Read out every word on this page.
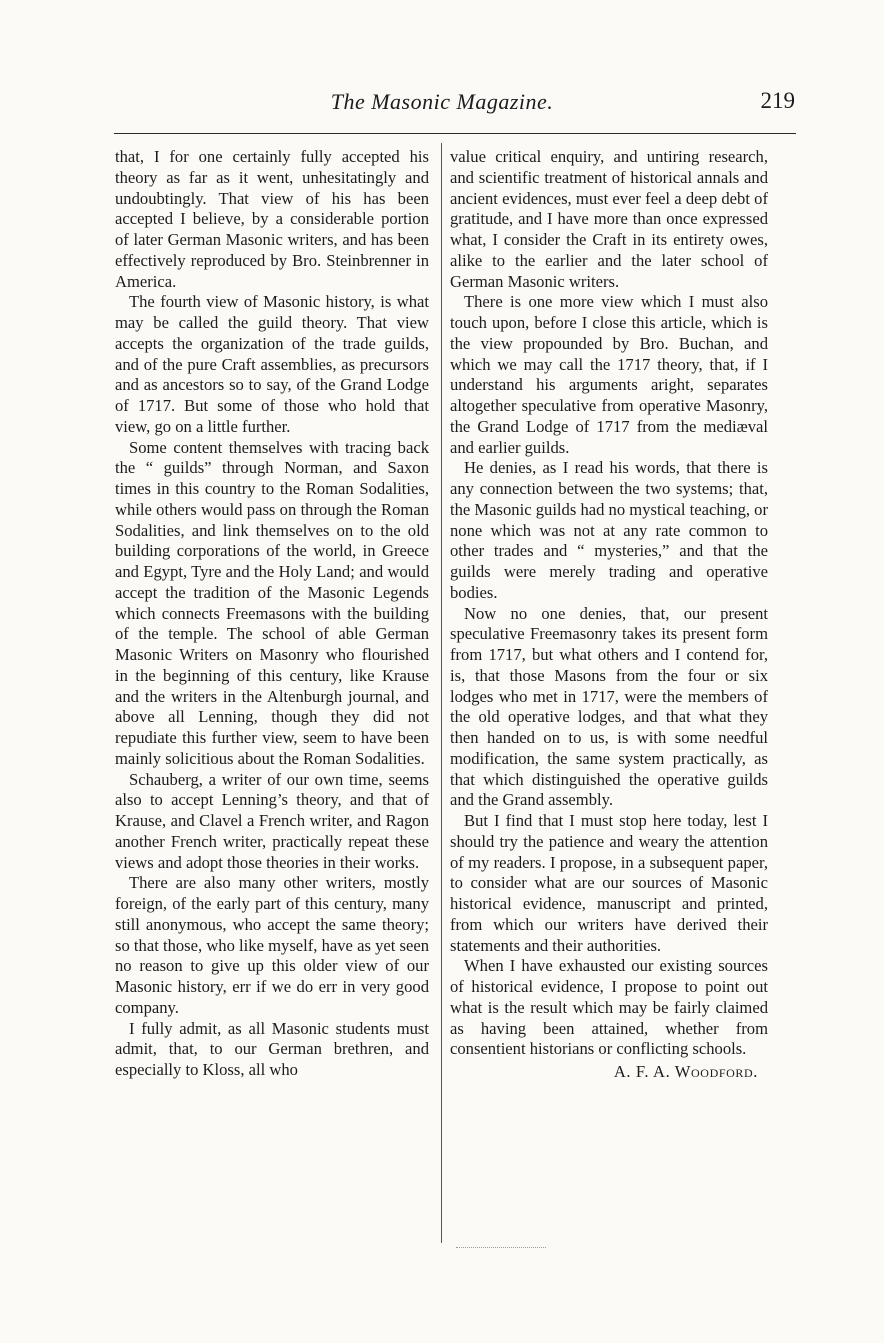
The Masonic Magazine.	219

that, I for one certainly fully accepted his theory as far as it went, unhesitatingly and undoubtingly. That view of his has been accepted I believe, by a considerable portion of later German Masonic writers, and has been effectively reproduced by Bro. Steinbrenner in America.

The fourth view of Masonic history, is what may be called the guild theory. That view accepts the organization of the trade guilds, and of the pure Craft assemblies, as precursors and as ancestors so to say, of the Grand Lodge of 1717. But some of those who hold that view, go on a little further.

Some content themselves with tracing back the “ guilds” through Norman, and Saxon times in this country to the Roman Sodalities, while others would pass on through the Roman Sodalities, and link themselves on to the old building corporations of the world, in Greece and Egypt, Tyre and the Holy Land; and would accept the tradition of the Masonic Legends which connects Freemasons with the building of the temple. The school of able German Masonic Writers on Masonry who flourished in the beginning of this century, like Krause and the writers in the Altenburgh journal, and above all Lenning, though they did not repudiate this further view, seem to have been mainly solicitious about the Roman Sodalities.

Schauberg, a writer of our own time, seems also to accept Lenning’s theory, and that of Krause, and Clavel a French writer, and Ragon another French writer, practically repeat these views and adopt those theories in their works.

There are also many other writers, mostly foreign, of the early part of this century, many still anonymous, who accept the same theory; so that those, who like myself, have as yet seen no reason to give up this older view of our Masonic history, err if we do err in very good company.

I fully admit, as all Masonic students must admit, that, to our German brethren, and especially to Kloss, all who

value critical enquiry, and untiring research, and scientific treatment of historical annals and ancient evidences, must ever feel a deep debt of gratitude, and I have more than once expressed what, I consider the Craft in its entirety owes, alike to the earlier and the later school of German Masonic writers.

There is one more view which I must also touch upon, before I close this article, which is the view propounded by Bro. Buchan, and which we may call the 1717 theory, that, if I understand his arguments aright, separates altogether speculative from operative Masonry, the Grand Lodge of 1717 from the mediæval and earlier guilds.

He denies, as I read his words, that there is any connection between the two systems; that, the Masonic guilds had no mystical teaching, or none which was not at any rate common to other trades and “ mysteries,” and that the guilds were merely trading and operative bodies.

Now no one denies, that, our present speculative Freemasonry takes its present form from 1717, but what others and I contend for, is, that those Masons from the four or six lodges who met in 1717, were the members of the old operative lodges, and that what they then handed on to us, is with some needful modification, the same system practically, as that which distinguished the operative guilds and the Grand assembly.

But I find that I must stop here today, lest I should try the patience and weary the attention of my readers. I propose, in a subsequent paper, to consider what are our sources of Masonic historical evidence, manuscript and printed, from which our writers have derived their statements and their authorities.

When I have exhausted our existing sources of historical evidence, I propose to point out what is the result which may be fairly claimed as having been attained, whether from consentient historians or conflicting schools.

A. F. A. Woodford.
